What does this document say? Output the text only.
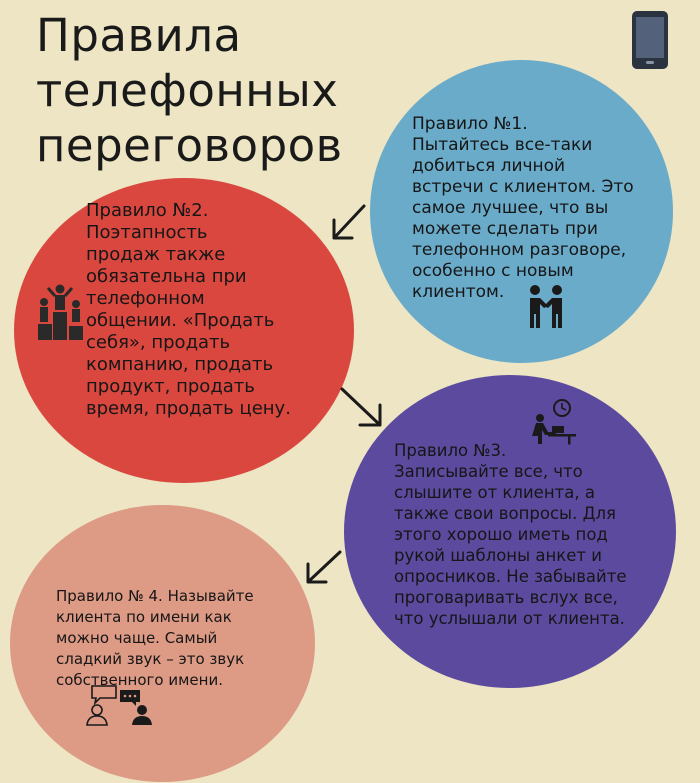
Правила
телефонных
переговоров	Правило №1.
Пытайтесь все-таки
добиться личной
встречи с клиентом. Это
самое лучшее, что вы
можете сделать при
телефонном разговоре,
особенно с новым
клиентом.
Правило №2.
Поэтапность
продаж также
обязательна при
телефонном
общении. «Продать
себя», продать
компанию, продать
продукт, продать
время, продать цену.
Правило №3.
Записывайте все, что
слышите от клиента, а
также свои вопросы. Для
этого хорошо иметь под
рукой шаблоны анкет и
опросников. Не забывайте
проговаривать вслух все,
что услышали от клиента.
Правило № 4. Называйте
клиента по имени как
можно чаще. Самый
сладкий звук – это звук
собственного имени.
